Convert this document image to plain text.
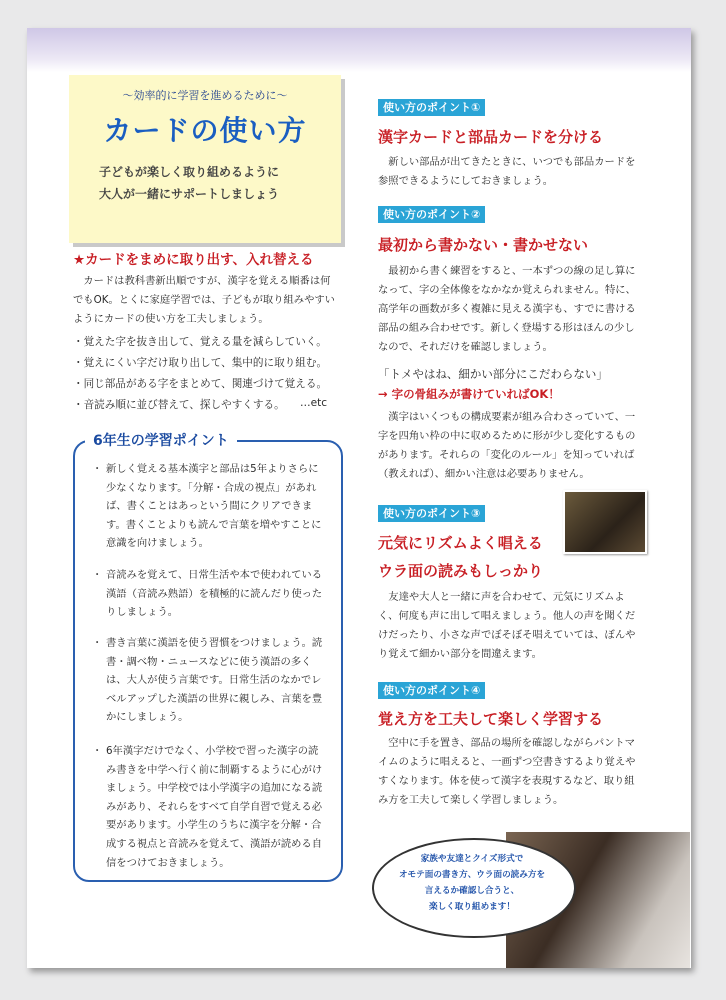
〜効率的に学習を進めるために〜
カードの使い方
子どもが楽しく取り組めるように
大人が一緒にサポートしましょう
★カードをまめに取り出す、入れ替える

　カードは教科書新出順ですが、漢字を覚える順番は何でもOK。とくに家庭学習では、子どもが取り組みやすいようにカードの使い方を工夫しましょう。

・覚えた字を抜き出して、覚える量を減らしていく。
・覚えにくい字だけ取り出して、集中的に取り組む。
・同じ部品がある字をまとめて、関連づけて覚える。
・音読み順に並び替えて、探しやすくする。 …etc
6年生の学習ポイント
・ 新しく覚える基本漢字と部品は5年よりさらに少なくなります。「分解・合成の視点」があれば、書くことはあっという間にクリアできます。書くことよりも読んで言葉を増やすことに意識を向けましょう。
・ 音読みを覚えて、日常生活や本で使われている漢語（音読み熟語）を積極的に読んだり使ったりしましょう。
・ 書き言葉に漢語を使う習慣をつけましょう。読書・調べ物・ニュースなどに使う漢語の多くは、大人が使う言葉です。日常生活のなかでレベルアップした漢語の世界に親しみ、言葉を豊かにしましょう。
・ 6年漢字だけでなく、小学校で習った漢字の読み書きを中学へ行く前に制覇するように心がけましょう。中学校では小学漢字の追加になる読みがあり、それらをすべて自学自習で覚える必要があります。小学生のうちに漢字を分解・合成する視点と音読みを覚えて、漢語が読める自信をつけておきましょう。
使い方のポイント①
漢字カードと部品カードを分ける

　新しい部品が出てきたときに、いつでも部品カードを参照できるようにしておきましょう。

使い方のポイント②
最初から書かない・書かせない

　最初から書く練習をすると、一本ずつの線の足し算になって、字の全体像をなかなか覚えられません。特に、高学年の画数が多く複雑に見える漢字も、すでに書ける部品の組み合わせです。新しく登場する形はほんの少しなので、それだけを確認しましょう。

「トメやはね、細かい部分にこだわらない」
→ 字の骨組みが書けていればOK！

　漢字はいくつもの構成要素が組み合わさっていて、一字を四角い枠の中に収めるために形が少し変化するものがあります。それらの「変化のルール」を知っていれば（教えれば）、細かい注意は必要ありません。

使い方のポイント③
元気にリズムよく唱える
ウラ面の読みもしっかり

　友達や大人と一緒に声を合わせて、元気にリズムよく、何度も声に出して唱えましょう。他人の声を聞くだけだったり、小さな声でぼそぼそ唱えていては、ぼんやり覚えて細かい部分を間違えます。

使い方のポイント④
覚え方を工夫して楽しく学習する

　空中に手を置き、部品の場所を確認しながらパントマイムのように唱えると、一画ずつ空書きするより覚えやすくなります。体を使って漢字を表現するなど、取り組み方を工夫して楽しく学習しましょう。

家族や友達とクイズ形式で
オモテ面の書き方、ウラ面の読み方を
言えるか確認し合うと、
楽しく取り組めます！
